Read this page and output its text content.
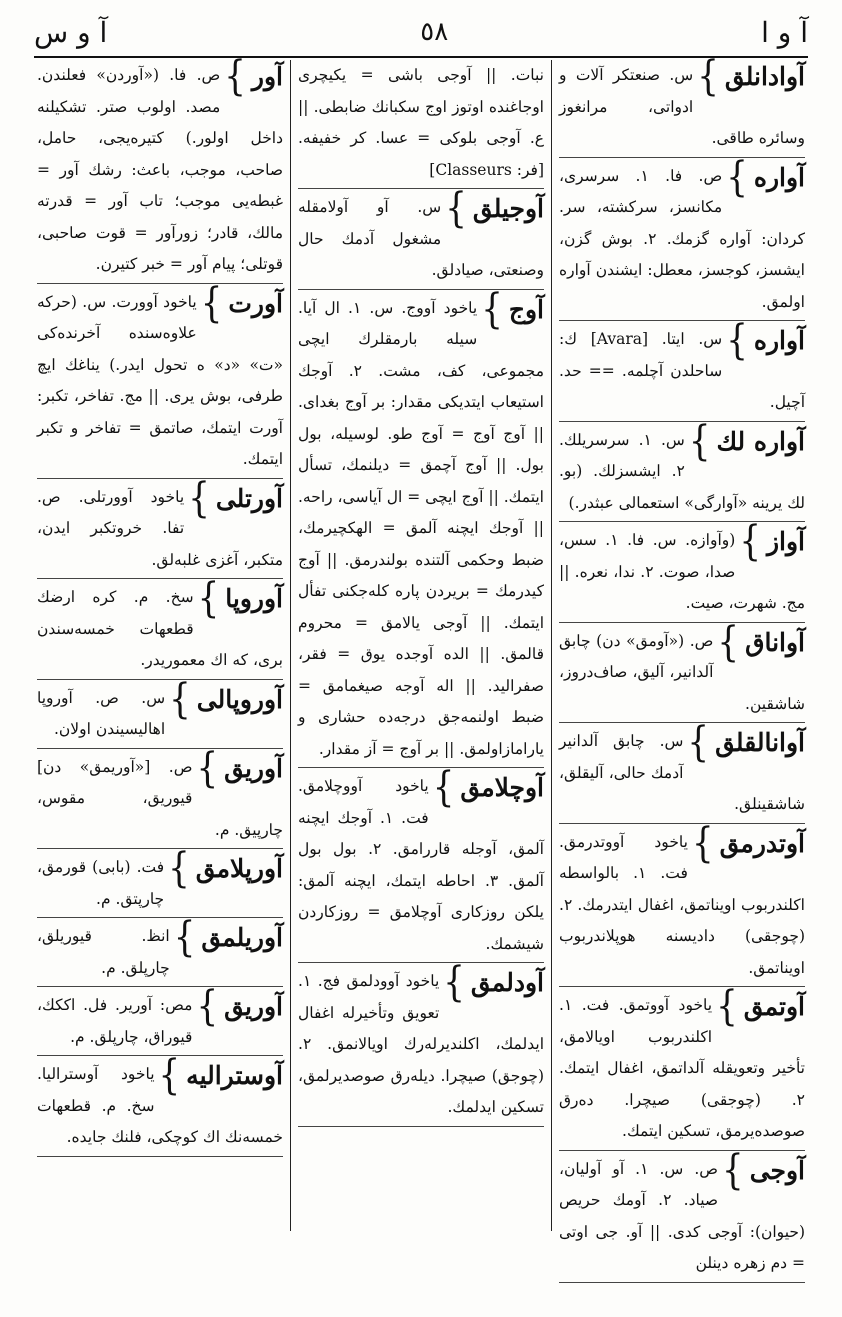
آ و ا
٥٨
آ و س

آور
}
ص. فا. («آوردن» فعلندن. مصد. اولوب صتر. تشكيلنه داخل اولور.) كتيرەيجی، حامل، صاحب، موجب، باعث: رشك آور = غبطه‌يی موجب؛ تاب آور = قدرته مالك، قادر؛ زورآور = قوت صاحبی، قوتلی؛ پيام آور = خبر كتيرن.

آورت
}
ياخود آوورت. س. (حركه علاوه‌سنده آخرنده‌كی «ت» «د» ه تحول ايدر.) يناغك ايچ طرفی، بوش يری. || مج. تفاخر، تكبر: آورت ايتمك، صاتمق = تفاخر و تكبر ايتمك.

آورتلی
}
ياخود آوورتلی. ص. تفا. خروتكبر ايدن، متكبر، آغزی غلبه‌لق.

آوروپا
}
سخ. م. كره ارضك قطعهات خمسه‌سندن بری، كه اك معموريدر.

آوروپالی
}
س. ص. آوروپا اهالیسيندن اولان.

آوريق
}
ص. [«آوريمق» دن] قيوريق، مقوس، چارپيق. م.

آورپلامق
}
فت. (بابی) قورمق، چارپتق. م.

آوريلمق
}
انظ. قيوريلق، چارپلق. م.

آوريق
}
مص: آورير. فل. اككك، قيوراق، چارپلق. م.

آوستراليه
}
ياخود آوستراليا. سخ. م. قطعهات خمسه‌نك اك كوچكی، فلنك جايده.

نبات. || آوجی باشی = یكيچری اوجاغنده اوتوز اوج سكبانك ضابطی. || ع. آوجی بلوكی = عسا. كر خفيفه. [فر: Classeurs]

آوجيلق
}
س. آو آولامقله مشغول آدمك حال وصنعتی، صيادلق.

آوج
}
ياخود آووج. س. ۱. ال آيا. سيله بارمقلرك ايچی مجموعی، كف، مشت. ۲. آوجك استيعاب ايتديكی مقدار: بر آوج بغدای. || آوج آوج = آوج طو. لوسيله، بول بول. || آوج آچمق = ديلنمك، تسأل ايتمك. || آوج ايچی = ال آياسی، راحه. || آوجك ايچنه آلمق = الهكچيرمك، ضبط وحكمی آلتنده بولندرمق. || آوج كيدرمك = بريردن پاره كله‌جكنی تفأل ايتمك. || آوجی يالامق = محروم قالمق. || الده آوجده يوق = فقر، صفراليد. || اله آوجه صيغمامق = ضبط اولنمه‌جق درجه‌ده حشاری و يارامازاولمق. || بر آوج = آز مقدار.

آوچلامق
}
ياخود آووچلامق. فت. ۱. آوجك ايچنه آلمق، آوجله قاررامق. ۲. بول بول آلمق. ۳. احاطه ايتمك، ايچنه آلمق: يلكن روزكاری آوچلامق = روزكاردن شيشمك.

آودلمق
}
ياخود آوودلمق فج. ۱. تعويق وتأخيرله اغفال ايدلمك، اكلنديرلەرك اويالانمق. ۲. (چوجق) صيچرا. ديلەرق صوصديرلمق، تسكين ايدلمك.

آوادانلق
}
س. صنعتكر آلات و ادواتی، مرانغوز وسائره طاقی.

آواره
}
ص. فا. ۱. سرسری، مكانسز، سركشته، سر. كردان: آواره گزمك. ۲. بوش گزن، ايشسز، كوجسز، معطل: ايشندن آواره اولمق.

آواره
}
س. ايتا. [Avara] ك: ساحلدن آچلمه. == حد. آچيل.

آواره لك
}
س. ۱. سرسريلك. ۲. ايشسزلك. (بو. لك يرينه «آوارگی» استعمالی عبثدر.)

آواز
}
(وآوازه. س. فا. ۱. سس، صدا، صوت. ۲. ندا، نعره. || مج. شهرت، صيت.

آواناق
}
ص. («آومق» دن) چابق آلدانير، آليق، صاف‌دروز، شاشقين.

آوانالقلق
}
س. چابق آلدانير آدمك حالی، آليقلق، شاشقينلق.

آوتدرمق
}
ياخود آووتدرمق. فت. ۱. بالواسطه اكلندربوب اويناتمق، اغفال ايتدرمك. ۲. (چوجقی) داديسنه هوپلاندربوب اويناتمق.

آوتمق
}
ياخود آووتمق. فت. ۱. اكلندربوب اويالامق، تأخير وتعويقله آلداتمق، اغفال ايتمك. ۲. (چوجقی) صيچرا. دەرق صوصدەيرمق، تسكين ايتمك.

آوجی
}
ص. س. ۱. آو آولیان، صياد. ۲. آومك حريص (حيوان): آوجی كدی. || آو. جی اوتی = دم زهره دينلن
